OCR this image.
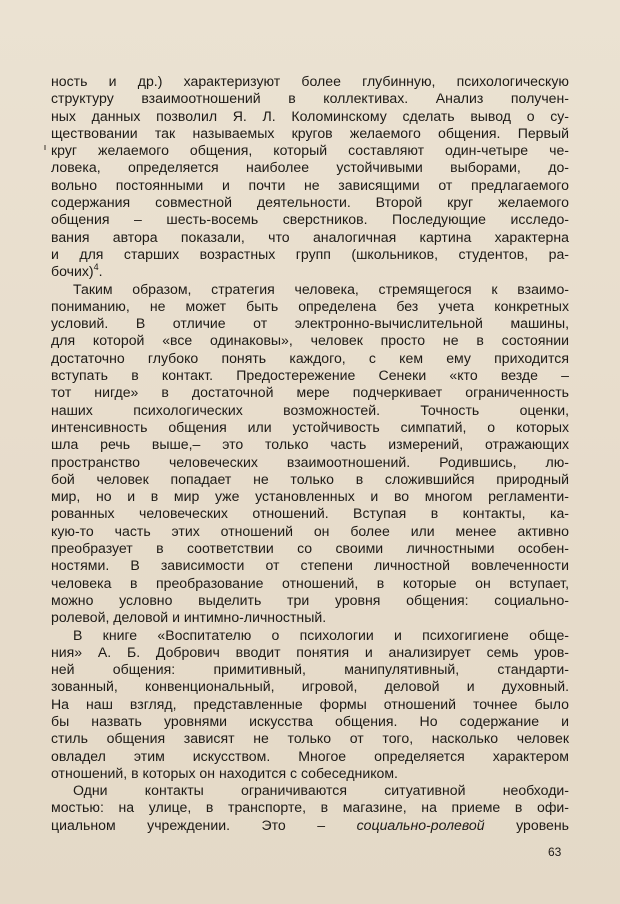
ность и др.) характеризуют более глубинную, психологическую
структуру взаимоотношений в коллективах. Анализ получен-
ных данных позволил Я. Л. Коломинскому сделать вывод о су-
ществовании так называемых кругов желаемого общения. Первый
круг желаемого общения, который составляют один-четыре че-
ловека, определяется наиболее устойчивыми выборами, до-
вольно постоянными и почти не зависящими от предлагаемого
содержания совместной деятельности. Второй круг желаемого
общения – шесть-восемь сверстников. Последующие исследо-
вания автора показали, что аналогичная картина характерна
и для старших возрастных групп (школьников, студентов, ра-
бочих)$^4$.
Таким образом, стратегия человека, стремящегося к взаимо-
пониманию, не может быть определена без учета конкретных
условий. В отличие от электронно-вычислительной машины,
для которой «все одинаковы», человек просто не в состоянии
достаточно глубоко понять каждого, с кем ему приходится
вступать в контакт. Предостережение Сенеки «кто везде –
тот нигде» в достаточной мере подчеркивает ограниченность
наших психологических возможностей. Точность оценки,
интенсивность общения или устойчивость симпатий, о которых
шла речь выше,– это только часть измерений, отражающих
пространство человеческих взаимоотношений. Родившись, лю-
бой человек попадает не только в сложившийся природный
мир, но и в мир уже установленных и во многом регламенти-
рованных человеческих отношений. Вступая в контакты, ка-
кую-то часть этих отношений он более или менее активно
преобразует в соответствии со своими личностными особен-
ностями. В зависимости от степени личностной вовлеченности
человека в преобразование отношений, в которые он вступает,
можно условно выделить три уровня общения: социально-
ролевой, деловой и интимно-личностный.
В книге «Воспитателю о психологии и психогигиене обще-
ния» А. Б. Добрович вводит понятия и анализирует семь уров-
ней общения: примитивный, манипулятивный, стандарти-
зованный, конвенциональный, игровой, деловой и духовный.
На наш взгляд, представленные формы отношений точнее было
бы назвать уровнями искусства общения. Но содержание и
стиль общения зависят не только от того, насколько человек
овладел этим искусством. Многое определяется характером
отношений, в которых он находится с собеседником.
Одни контакты ограничиваются ситуативной необходи-
мостью: на улице, в транспорте, в магазине, на приеме в офи-
циальном учреждении. Это – социально-ролевой уровень
63
